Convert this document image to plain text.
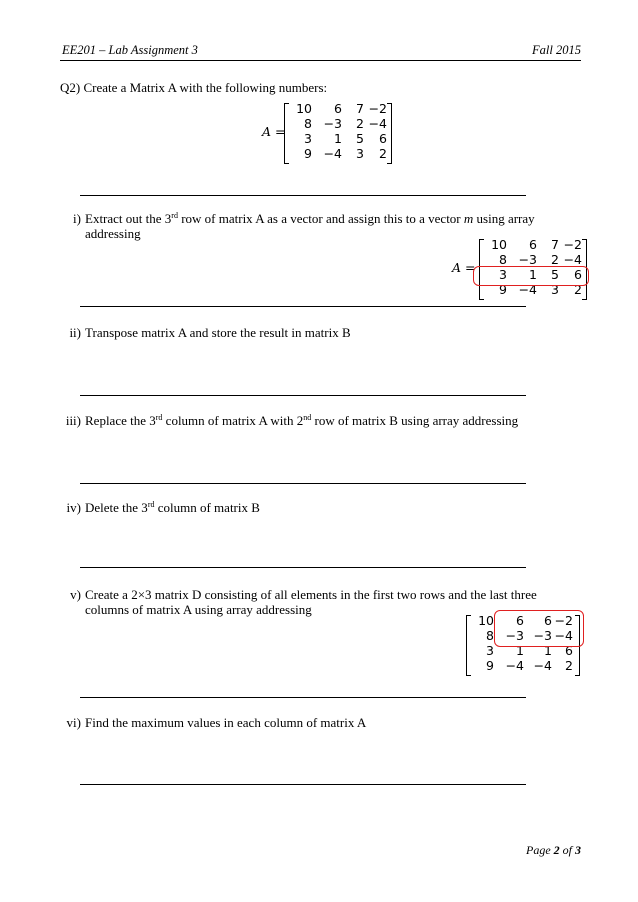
EE201 – Lab Assignment 3	Fall 2015
Q2) Create a Matrix A with the following numbers:
A =
10	6	7 −2
8 −3	2 −4
3	1	5	6
9 −4	3	2
i) Extract out the 3rd row of matrix A as a vector and assign this to a vector m using array addressing
A =
10	6	7 −2
8 −3	2 −4
3	1	5	6
9 −4	3	2
ii) Transpose matrix A and store the result in matrix B
iii) Replace the 3rd column of matrix A with 2nd row of matrix B using array addressing
iv) Delete the 3rd column of matrix B
v) Create a 2×3 matrix D consisting of all elements in the first two rows and the last three columns of matrix A using array addressing
10	6	6 −2
8 −3 −3 −4
3	1	1	6
9 −4 −4	2
vi) Find the maximum values in each column of matrix A
Page 2 of 3
